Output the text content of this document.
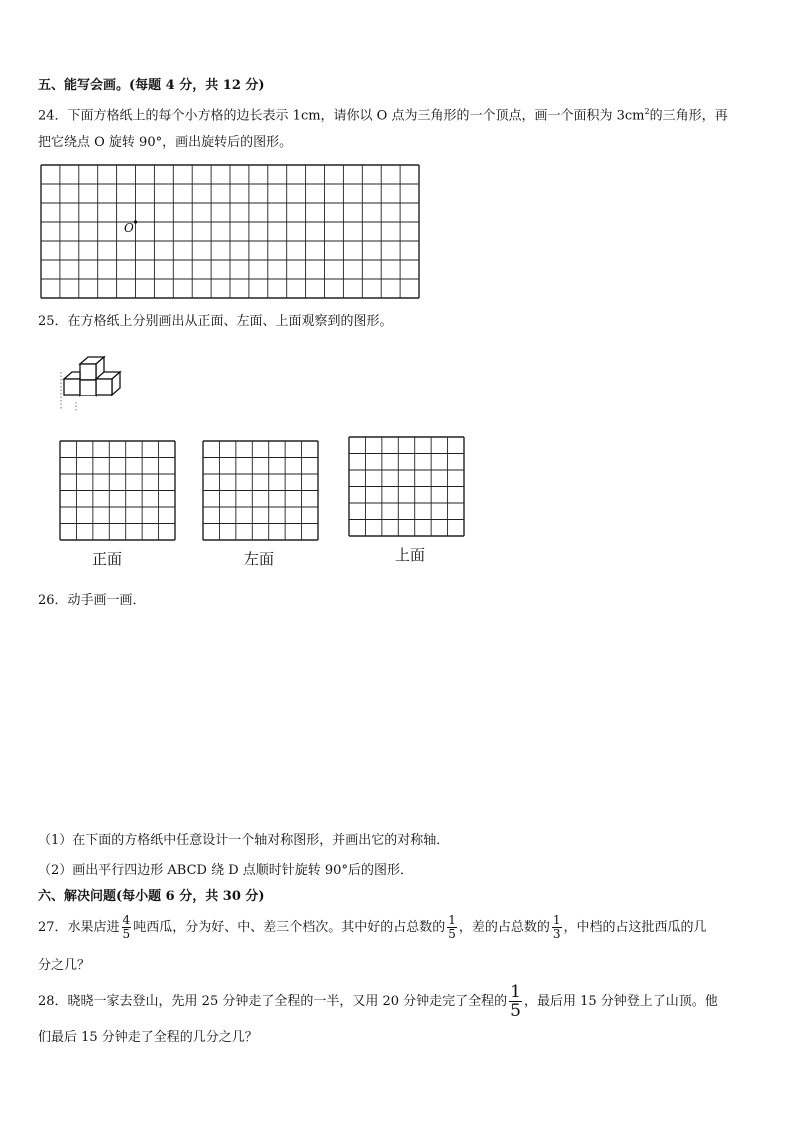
五、能写会画。(每题 4 分，共 12 分)
24．下面方格纸上的每个小方格的边长表示 1cm，请你以 O 点为三角形的一个顶点，画一个面积为 $3cm^2$的三角形，再
把它绕点 O 旋转 90°，画出旋转后的图形。
O
25．在方格纸上分别画出从正面、左面、上面观察到的图形。
正面	左面	上面
26．动手画一画．
（1）在下面的方格纸中任意设计一个轴对称图形，并画出它的对称轴．
（2）画出平行四边形 ABCD 绕 D 点顺时针旋转 90°后的图形．
六、解决问题(每小题 6 分，共 30 分)
27．水果店进 $\frac{4}{5}$ 吨西瓜，分为好、中、差三个档次。其中好的占总数的 $\frac{1}{5}$ ，差的占总数的 $\frac{1}{3}$ ，中档的占这批西瓜的几
分之几？
28．晓晓一家去登山，先用 25 分钟走了全程的一半，又用 20 分钟走完了全程的 $\frac{1}{5}$ ，最后用 15 分钟登上了山顶。他
们最后 15 分钟走了全程的几分之几？
